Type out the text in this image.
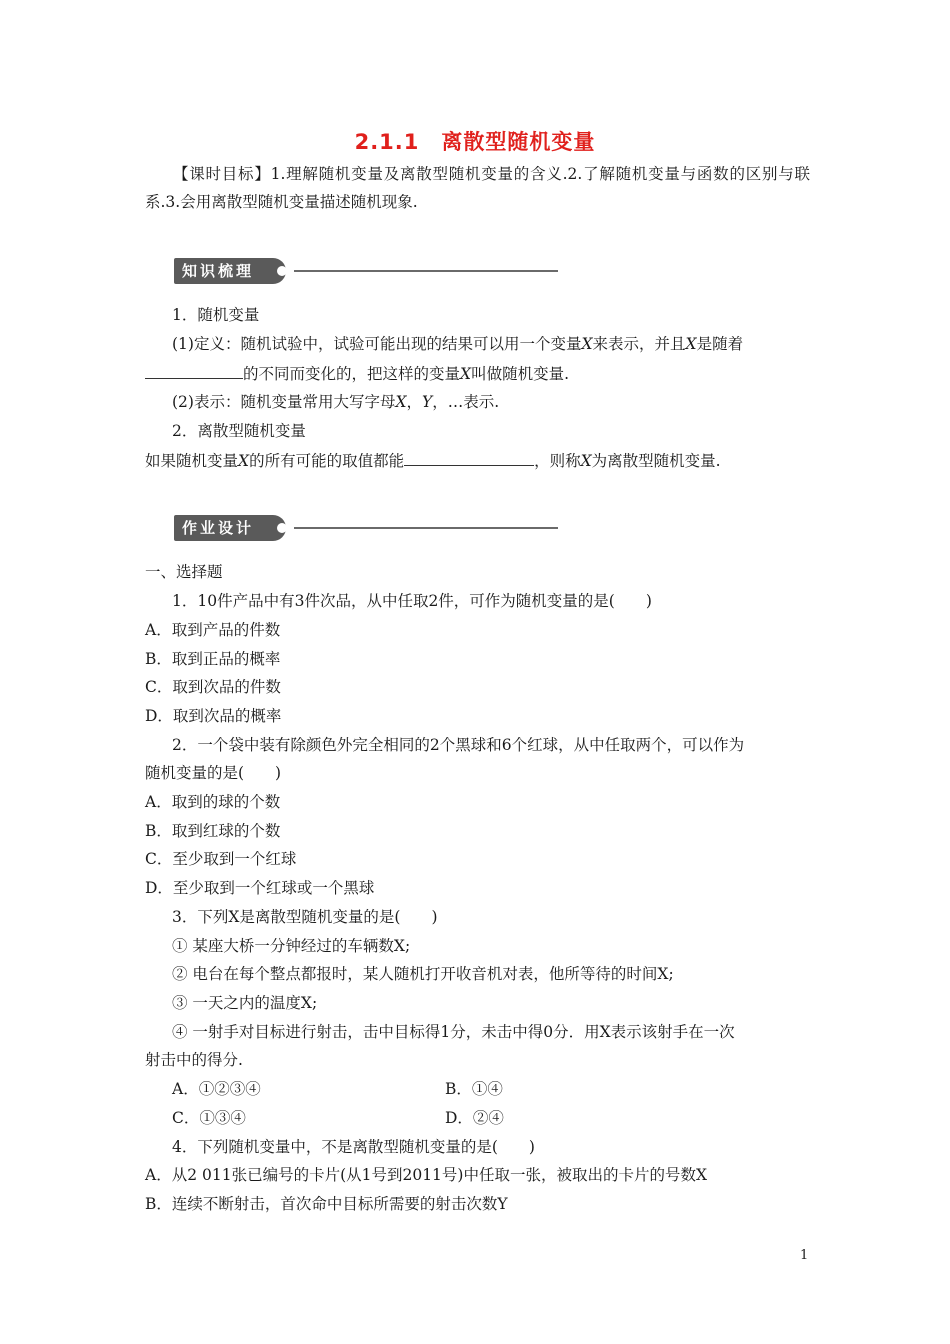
2.1.1　离散型随机变量
【课时目标】1.理解随机变量及离散型随机变量的含义.2.了解随机变量与函数的区别与联系.3.会用离散型随机变量描述随机现象.
知识梳理
1．随机变量
(1)定义：随机试验中，试验可能出现的结果可以用一个变量X来表示，并且X是随着
的不同而变化的，把这样的变量X叫做随机变量.
(2)表示：随机变量常用大写字母X，Y，…表示.
2．离散型随机变量
如果随机变量X的所有可能的取值都能	，则称X为离散型随机变量.
作业设计
一、选择题
1．10件产品中有3件次品，从中任取2件，可作为随机变量的是(　　)
A．取到产品的件数
B．取到正品的概率
C．取到次品的件数
D．取到次品的概率
2．一个袋中装有除颜色外完全相同的2个黑球和6个红球，从中任取两个，可以作为
随机变量的是(　　)
A．取到的球的个数
B．取到红球的个数
C．至少取到一个红球
D．至少取到一个红球或一个黑球
3．下列X是离散型随机变量的是(　　)
① 某座大桥一分钟经过的车辆数X;
② 电台在每个整点都报时，某人随机打开收音机对表，他所等待的时间X;
③ 一天之内的温度X;
④ 一射手对目标进行射击，击中目标得1分，未击中得0分．用X表示该射手在一次
射击中的得分.
A．①②③④	B．①④
C．①③④	D．②④
4．下列随机变量中，不是离散型随机变量的是(　　)
A．从2 011张已编号的卡片(从1号到2011号)中任取一张，被取出的卡片的号数X
B．连续不断射击，首次命中目标所需要的射击次数Y
1
